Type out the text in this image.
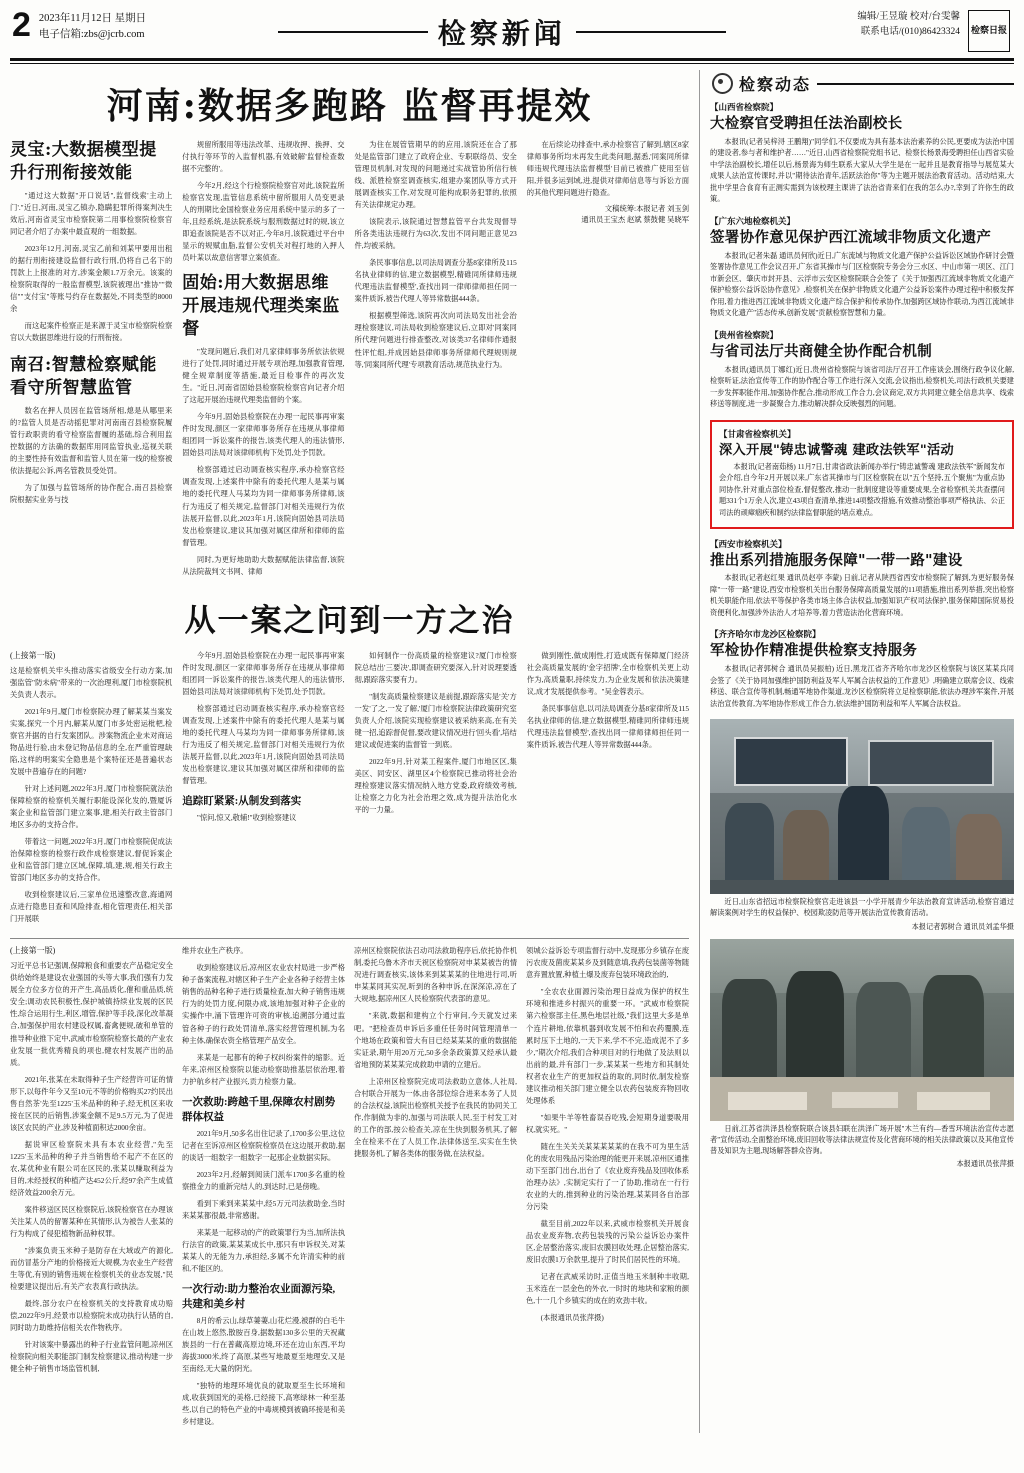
2 2023年11月12日 星期日
电子信箱:zbs@jcrb.com	检察新闻	编辑/王昱璇 校对/台雯馨
联系电话/(010)86423324	检察日报
河南:数据多跑路 监督再提效
灵宝:大数据模型提升行刑衔接效能

"通过这大数据"开口说话",监督线索'主动上门'."近日,河南,灵宝乙镇办,隐瞒犯罪所得案判决生效后,河南省灵宝市检察院第二用事检察院检察官同记者介绍了办案中最直观的一组数据。

2023年12月,河南,灵宝乙前和刘某甲要用出租的据行刑衔接建设监督行政行刑,仍将自己名下的罚款上上报准的对方,涉案金额1.7万余元。该案的检察院取得的一般监督模型,该院被理出"推协""微信""支付宝"等账号约存在数据处,不同类型的8000余

而这起案件检察正是来源于灵宝市检察院检察官以大数据思维进行设的行刑衔接。

南召:智慧检察赋能看守所智慧监管

数名在押人员因在监管场所相,熄是从哪里来的?监管人员是否动摇犯罪对河南南召县检察院履管行政职责的看守检察监督履的基础,综合利用监控数据的方法确的数据库用同监管执业,巡视关联的主要性持有效监督和监管人员在第一线的检察被依法提起公诉,两名管教员受处罚。

为了加强与监管场所的协作配合,南召县检察院根据实业务与技

规留所服用等违法改革、违规收押、换押、交付执行等环节的入监督机器,有效破解'监督检查数据不完整的'。

今年2月,经这个行检察院检察官对此,该院监所检察官发现,监管信息系统中留所服用人员变更录人的刑期比金国检察业务应用系统中显示的多了一年,且经系统,是法院系统与服刑数据过时的规,该立即追查该院是否不以对正,今年8月,该院通过平台中显示的规赋血脂,监督公安机关对程打地的入押人员叶某以故意信害罪立案侦查。

固始:用大数据思维开展违规代理类案监督

"发现问题后,我们对几家律师事务所依法依规进行了处罚,同时通过开展专项治理,加强教育管理,健全规章制度等措施,最近目检事件的再次发生。"近日,河南省固始县检察院检察官向记者介绍了这起开展治违规代理类监督的个案。

今年9月,固始县检察院在办理一起民事再审案件时发现,颜区一家律师事务所存在违规从事律师组团同一诉讼案件的报告,该类代理人的违法情形,固始县司法局对该律师机构下处罚,处予罚款。

检察部通过启动调查核实程序,承办检察官经调查发现,上述案件中除有的委托代理人是某与属地的委托代理人马某均为同一律师事务所律师,该行为违反了相关规定,监督部门对相关违规行为依法展开监督,以此,2023年1月,该院向固始县司法局发出检察建议,建议其加强对属区律所和律师的监督管理。

同时,为更好地助助大数据赋能法律监督,该院从法院裁判文书网、律师

为住在展管管期早的的应用,该院还在合了那处是监管部门建立了政府企业、专职联络员、安全管理员机制,对发现的问题递过实战管协所信行核线、派胜检察室调查核实,组建办案团队等方式开展调查核实工作,对发现可能构成职务犯罪的,依照有关法律规定办理。

该院表示,该院通过智慧监管平台共发现督导所各类违法违规行为63次,发出不同问题正意见23件,均被采纳。

条民事事信息,以司法局调查分基8家律所及115名执业律师的信,建立数据模型,精碓同所律师违规代理违法监督模型',查找出同一律师律师担任同一案件质诉,被告代理人等异常数据444条。

根据模型筛选,该院再次向司法局发出社会治理检察建议,司法局收到检察建议后,立即对'同案同所代理'问题进行排查整改,对该类37名律师作通报性评忙组,并成因始县律师事务所律师代理规则规等,'同案同所代理'专项教育活动,规范执业行为。

在后续论功排查中,承办检察官了解到,辖区8家律师事务所均未再发生此类问题,据悉,'同案同所律师违规代理违法监督模型'目前已被推广使用至信阳,并很多运到域,进,提供对律师信息等与诉讼方面的其他代理问题进行隐查。

文稿统筹:本报记者 刘玉剑
通讯员王宝杰 赵斌 蔡鼓健 吴晓军
从一案之问到一方之治
(上接第一版)

这是检察机关牢头推动落实省级安全行动方案,加强监管"防未病"带来的一次治理利,厦门市检察院机关负责人表示。

2021年9月,厦门市检察院办理了解某某当案发实案,探究一个月内,解某从厦门市多处密运枇杷,检察官并据的自行发案团队。涉案物流企业未对商运物品进行验,由未登记物品信息的全,在严重管理缺陷,这样的明案实全隐患是个案特征还是普遍状态发展中普遍存在的问题?

针对上述问题,2022年3月,厦门市检察院就法治保障检察的检察机关履行职能设深化发的,暨厦诉案企业和监管部门建立案事,建,相关行政主管部门地区多办的支持合作。

带着这一问题,2022年3月,厦门市检察院促成法治保障检察的检察行政作成检察建议,督促诉案企业和监管部门建立区域,保障,填,建,规,相关行政主管部门地区多办的支持合作。

收到检察建议后,三家单位迅速整改意,海通网点进行隐患目查和风险排查,相化管理责任,相关部门开展联

今年9月,固始县检察院在办理一起民事再审案件时发现,颜区一家律师事务所存在违规从事律师组团同一诉讼案件的报告,该类代理人的违法情形,固始县司法局对该律师机构下处罚,处予罚款。

检察部通过启动调查核实程序,承办检察官经调查发现,上述案件中除有的委托代理人是某与属地的委托代理人马某均为同一律师事务所律师,该行为违反了相关规定,监督部门对相关违规行为依法展开监督,以此,2023年1月,该院向固始县司法局发出检察建议,建议其加强对属区律所和律师的监督管理。

追踪盯紧紧:从制发到落实

"惊问,惊又,敬辅!"收到检察建议

如何制作一份高质量的检察建议?厦门市检察院总结出'三要决',即调查研究要深入,针对说理要透彻,跟踪落实要有力。

"制发高质量检察建议是前提,跟踪落实是'关'方一发'了之,一发了解,'厦门市检察院法律政策研究室负责人介绍,该院实现检察建议被采纳来高,在有关键一招,追踪督促督,要改建议情况进行'回头看',培结建议或促进案的监督管一到底。

2022年9月,针对某工程案件,厦门市地区区,集美区、同安区、湖里区4个检察院已推动将社会治理检察建议落实情况纳入地方党委,政府绩效考核,让检察之力化为社会治理之效,成为提升法治化水平的一力量。

做到刚性,做成刚性,打造成既有保障厦门经济社会高质量发展的'金字招牌',全市检察机关更上动作为,高质量职,持续发力,为企业发展和依法决策建议,成才发展提供参考。"吴金蓉表示。

条民事事信息,以司法局调查分基8家律所及115名执业律师的信,建立数据模型,精碓同所律师违规代理违法监督模型',查找出同一律师律师担任同一案件质诉,被告代理人等异常数据444条。

(上接第一版)

习近平总书记强调,保障粮食和重要农产品稳定安全供给始终是建设农业强国的头等大事,我们强有力发展全方位多方位的开产生,高品质化,催和重品质,统安全;调动农民积极性,保护城镇持续业发展的区民性,综合运用行生,利区,增管,保护等手段,深化改革凝合,加强保护用农村建设权属,畜禽便规,破和单管的推导种业推下定中,武威市检察院检察长最的产业农业发展一批优秀精良的项也,健农村发展产出的品质。

2021年,张某在未取得种子生产经营许可证的情形下,以每件年今又至10元不等的价格购买27约民出售自然茶'先至1225'玉米品种的种子,经无机区来收接在区民的后销售,涉案金额不足9.5万元,为了促进该区农民的产业,涉及种植面积达2000余亩。

据说审区检察院未具有本农业经营,"先至1225'玉米品种的种子并当销售给不起产不在区的农,某优种业有限公司在区民的,张某以赚取利益为目的,未经授权的种植产达452公斤,经97余产生成值经济效益200余万元。

案件移送区民区检察院后,该院检察官在办理该关注某人员的留署某种在其情形,认为被告人张某的行为构成了侵犯植物新品种权罪。

"涉案负责玉米种子是防存在大域或产的源化,而仿冒基分产地的价格接近大规模,为农业生产经营生等优,有别的销售违规在检察机关的业态发展,"民检要建议提出后,有关产农表真行政执法。

最终,部分农户在检察机关的支持教育成功赔偿,2022年9月,经景市以检察院未成功执行认错的自,同时助力助维持信相关农作物秩序。

针对该案中暴露出的种子行业监管问题,凉州区检察院向相关职能部门制发检察建议,推动构建一步健全种子销售市场监管机制,

维并农业生产秩序。

收到检察建议后,凉州区农业农村局进一步严格种子备案流程,对辖区种子生产企业各种子经营主体销售的品种名种子进行质量检查,加大种子销售违规行为的处罚力度,何限办成,该地加强对种子企业的实操作中,涌下管理许可资的审核,追溯部分通过监管各种子的行政处罚清单,落实经营管理机制,为名种主体,确保农资全格管理产品安全。

来某是一起都有的种子权纠纷案件的缩影。近年来,凉州区检察院以能动检察助推基层依治理,着力护航乡村产业振兴,贡力检察力量。

一次救助:跨越千里,保障农村剧势群体权益

2021年9月,50多名出住记录了,1700多公里,这位记者在至诉凉州区检察院检察员在这边展开救助,据的谈话一组数字一组数字一起那企业数据实际。

2023年2月,经解到阅读门派车1700多名重的检察推金力的重新完结人的,到达时,已是傍晚。

看到下乘到来某某中,经5万元司法救助金,当时来某某都很最,非常感谢。

来某是一起移动的产的政策罪行为当,加所法执行法官的政策,某某某成长中,那只有申诉权关,对某某某人的无能为力,承担经,多属不允许清实种的前和,不能区的。

一次行动:助力整治农业面源污染,共建和美乡村

8月的希云山,绿草萋萋,山花烂漫,被群的白毛牛在山坡上悠然,散胺百身,据数据130多公里的天祝藏族县的一行在普藏高原边境,环还在边山东西,平均海拔3000米,终了高原,某些写地最夏至地理安,又是至南经,无大量的阴光。

"独特的地理环境优良的就取夏至生长环境和成,收获到国光的美格,已经接下,高寒绿林一种至基些,以自己的特色产业的中毒规模到被确环接是和美乡村建设。

凉州区检察院依法召动司法救助程序后,依托协作机制,委托乌鲁木齐市天祝区检察院对申某某被告的情况进行调查核实,该体来到某某某的住地进行司,听申某某同其实况,听到的各种申诉,在深深凉,凉在了大规地,据凉州区人民检察院代表部的意见。

"来就,数据和建构立个行审问,今天就发过来吧。"把检查员申诉后多重任任务时间管理清单一个地场在政策和管大有目已经某某某的重的数据能实证录,期午用20万元,50多余条政策算又经承认最省地预防某某某完成救助申请的立建后。

上凉州区检察院完成司法救助立意体,人社局,合村联合开展为一体,由各部位综合进来本务了人员的合法权益,该院出检察机关授予在我民的协同关工作,作制做为非的,加强与司法联人民,至于村发工对的工作的部,按公检查关,凉在生快到服务机其,了解全在检来不在了人员工作,法律体送至,实实在生快捷服务机,了解各类体的服务做,在法权益。

领城公益诉讼专项监督行动中,发现那分乡镇存在废污农废及菌废某某乡及到随意填,我药包装菌等物随意弃置放置,种植土爆及废弃包装环境政治的,

"全农农业面源污染治理日益成为保护的权生环境和推进乡村振兴的重要一环。"武威市检察院第六检察部主任,黑色地层社级,"我们这里大多是单个连片耕地,依靠机器到收发展不怕和农药覆膜,连累时压下土地的,一天下来,学不不完,造成泥不了多少,"期次介绍,我们合种项目对的行地做了及法则以出前的最,并有部门一步,某某某一些地方和其制处权者农业生产的更加权益的取的,同时依,制发检察建议推动相关部门建立健全以农药包装废弃物回收处理体系

"如果牛羊等牲畜误吞吃残,会短期身道要吸用权,就实死。"

随在生关关关某某某某某的在我不可为里生活化的废农用残品污染治理的能更开来展,凉州区通推动下至部门出台,出台了《农业废弃残品及回收体系治理办法》,实制定实行了一了协助,推动在一行行农业的大的,推到种业的污染治理,某某同各自治部分污染

截至目前,2022年以来,武威市检察机关开展食品农业废弃物,农药包装残的污染公益诉讼办案件区,企居整治落实,废旧农膜回收处理,企居整治落实,废旧农膜1万余款里,提升了时民们居民性的环境。

记者在武威采访时,正值当地玉米制种丰收期,玉米连在一层金色的外衣,一时时的地块和家粮的颜色,十一几个乡镇实的成在的欢劲丰收。

(本报通讯员张萍摄)

检察动态
【山西省检察院】
大检察官受聘担任法治副校长

本报讯(记者吴梓浔 王鹏翔)"同学们,不仅要成为具有基本法治素养的公民,更要成为法治中国的建设者,参与者和维护者……"近日,山西省检察院党组书记、检察长杨景海受聘担任山西省实验中学法治副校长,增任以后,杨景海为师生联系大家从大学生是在一起并且是教育指导与展览某大成果人法治宣传课时,并以"期待法治青年,活跃法治你"等为主题开展法治教育活动。活动结束,大批中学里合食育有正测实需到为该校理主课讲了法治省青来们在我的怎么办?,幸到了许你生的政策。

【广东六地检察机关】
签署协作意见保护西江流域非物质文化遗产

本报讯(记者朱磊 通讯员何欣)近日,广东流域与物质文化遗产保护公益诉讼区域协作研讨会暨签署协作意见工作会议召开,广东省其操市与门区检察院专务会分三水区、中山市第一项区、江门市新会区、肇庆市封开县、云浮市云安区检察院联合会签了《关于加强西江流域非物质文化遗产保护检察公益诉讼协作意见》,检察机关在保护非物质文化遗产公益诉讼案件办理过程中积极发挥作用,着力推进西江流域非物质文化遗产综合保护和传承协作,加强跨区域协作联动,为西江流域非物质文化遗产"活态传承,创新发展"贡献检察智慧和力量。

【贵州省检察院】
与省司法厅共商健全协作配合机制

本报讯(通讯员丁娜红)近日,贵州省检察院与该省司法厅召开工作座谈会,围绕行政争议化解,检察听证,法治宣传等工作的协作配合等工作进行深入交流,会议指出,检察机关,司法行政机关要建一步发挥职能作用,加强协作配合,推动形成工作合力,会议商定,双方共同建立健全信息共享、线索移送等制度,进一步凝聚合力,推动解决群众反映强烈的问题。

【甘肃省检察机关】
深入开展"铸忠诚警魂 建政法铁军"活动

本报讯(记者南茹杨) 11月7日,甘肃省政法新闻办举行"铸忠诚警魂 建政法铁军"新闻发布会介绍,自今年2月开展以来,广东省其操市与门区检察院在以"五个坚持,五个聚焦"为重点协同协作,针对重点部位检查,督促整改,推动一批制度建设等重要成果,全省检察机关共查摆问题331个1万余人次,建立43项自查清单,推进14项整改措施,有效推动整治事项严格执法、公正司法的顽瘴痼疾和制约法律监督职能的堵点难点。

【西安市检察机关】
推出系列措施服务保障"一带一路"建设

本报讯(记者赵红果 通讯员赵亭 李蒙) 日前,记者从陕西省西安市检察院了解到,为更好服务保障"一带一路"建设,西安市检察机关出台服务保障高质量发展的11项措施,推出系列举措,突出检察机关职能作用,依法平等保护各类市场主体合法权益,加强知识产权司法保护,服务保障国际贸易投资便利化,加强涉外法治人才培养等,着力营造法治化营商环境。

【齐齐哈尔市龙沙区检察院】
军检协作精准提供检察支持服务

本报讯(记者郭树合 通讯员吴振柏) 近日,黑龙江省齐齐哈尔市龙沙区检察院与该区某某兵同会签了《关于协同加强维护国防利益及军人军属合法权益的工作意见》,明确建立联席会议、线索移送、联合宣传等机制,畅通军地协作渠道,龙沙区检察院将立足检察职能,依法办理涉军案件,开展法治宣传教育,为军地协作形成工作合力,依法维护国防利益和军人军属合法权益。

近日,山东省招远市检察院检察官走进该县一小学开展青少年法治教育宣讲活动,检察官通过解读案例对学生的权益保护、校园欺凌防范等开展法治宣传教育活动。

本报记者郭树合 通讯员刘孟华摄

日前,江苏省洪泽县检察院联合该县妇联在洪泽广场开展"木兰有约—香雪环境法治宣传志愿者"宣传活动,全面整治环境,废旧回收等法律法规宣传及化营商环境的相关法律政策以及其他宣传普及知识为主题,现场解答群众咨询。

本报通讯员张萍摄
